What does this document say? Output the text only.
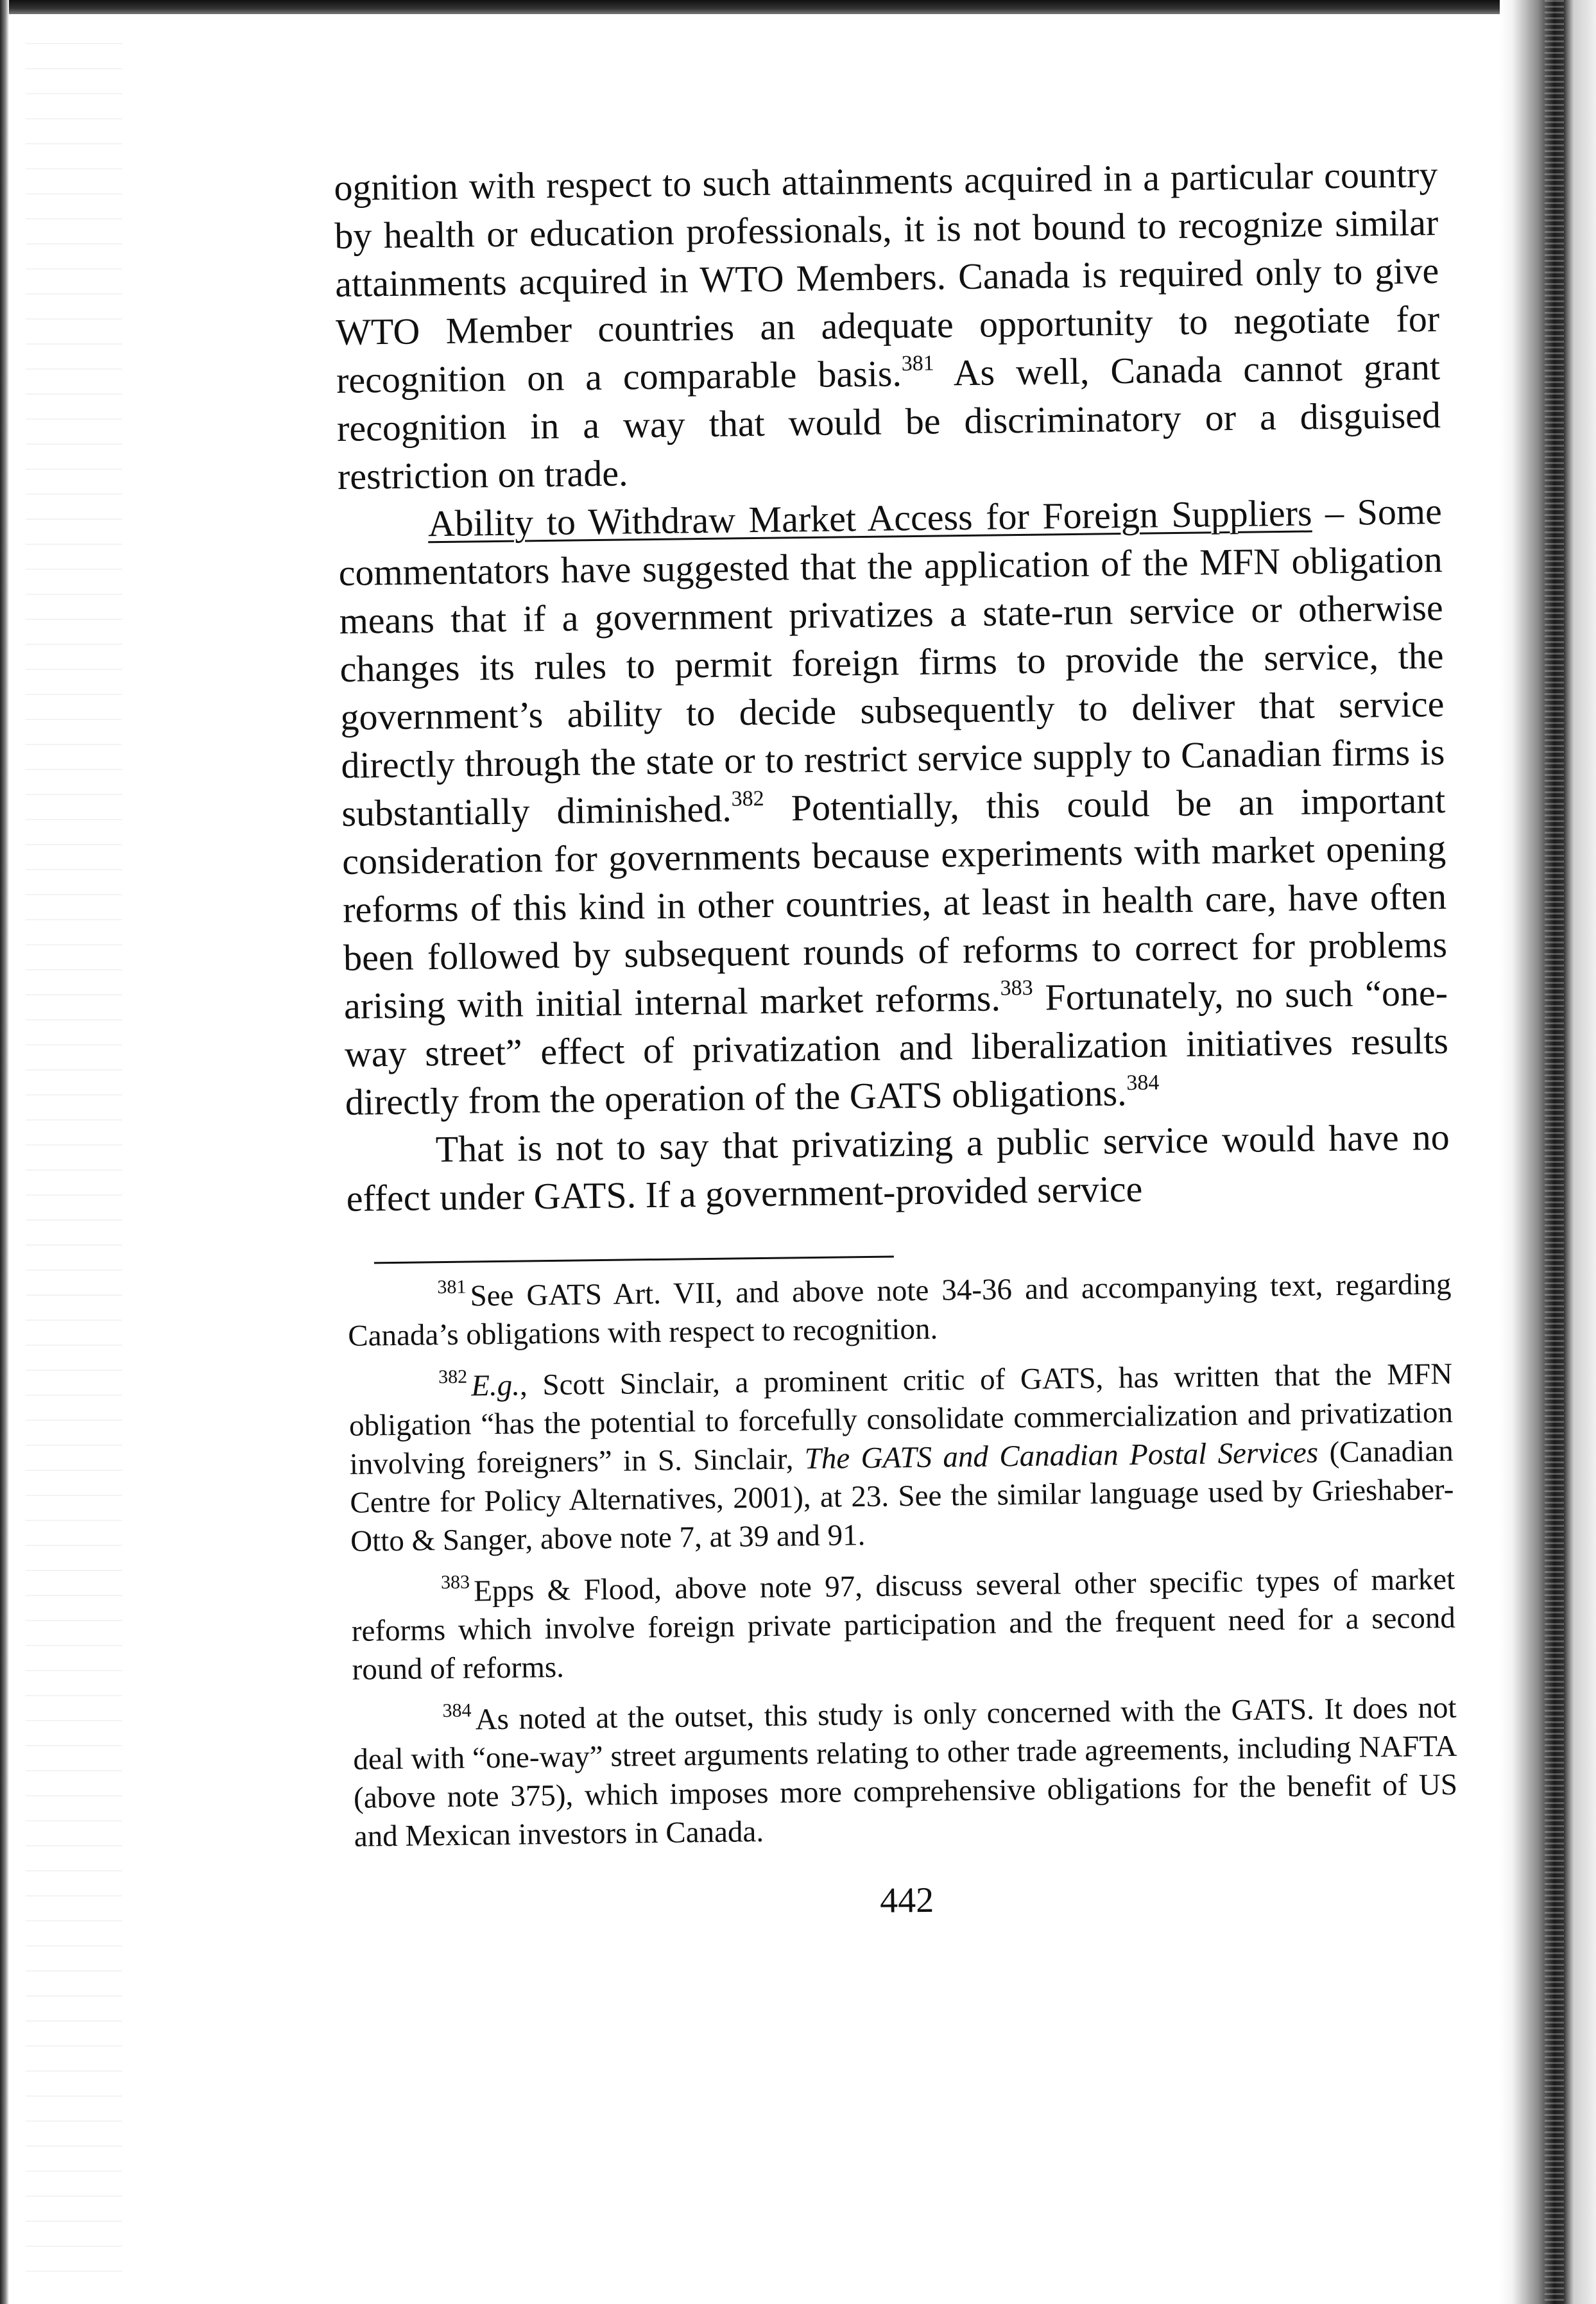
ognition with respect to such attainments acquired in a particular country by health or education professionals, it is not bound to recognize similar attainments acquired in WTO Members. Canada is required only to give WTO Member countries an adequate opportunity to negotiate for recognition on a comparable basis.$^{381}$ As well, Canada cannot grant recognition in a way that would be discriminatory or a disguised restriction on trade.

Ability to Withdraw Market Access for Foreign Suppliers – Some commentators have suggested that the application of the MFN obligation means that if a government privatizes a state-run service or otherwise changes its rules to permit foreign firms to provide the service, the government’s ability to decide subsequently to deliver that service directly through the state or to restrict service supply to Canadian firms is substantially diminished.$^{382}$ Potentially, this could be an important consideration for governments because experiments with market opening reforms of this kind in other countries, at least in health care, have often been followed by subsequent rounds of reforms to correct for problems arising with initial internal market reforms.$^{383}$ Fortunately, no such “one-way street” effect of privatization and liberalization initiatives results directly from the operation of the GATS obligations.$^{384}$

That is not to say that privatizing a public service would have no effect under GATS. If a government-provided service

$^{381}$ See GATS Art. VII, and above note 34-36 and accompanying text, regarding Canada’s obligations with respect to recognition.

$^{382}$ E.g., Scott Sinclair, a prominent critic of GATS, has written that the MFN obligation “has the potential to forcefully consolidate commercialization and privatization involving foreigners” in S. Sinclair, The GATS and Canadian Postal Services (Canadian Centre for Policy Alternatives, 2001), at 23. See the similar language used by Grieshaber-Otto & Sanger, above note 7, at 39 and 91.

$^{383}$ Epps & Flood, above note 97, discuss several other specific types of market reforms which involve foreign private participation and the frequent need for a second round of reforms.

$^{384}$ As noted at the outset, this study is only concerned with the GATS. It does not deal with “one-way” street arguments relating to other trade agreements, including NAFTA (above note 375), which imposes more comprehensive obligations for the benefit of US and Mexican investors in Canada.

442
